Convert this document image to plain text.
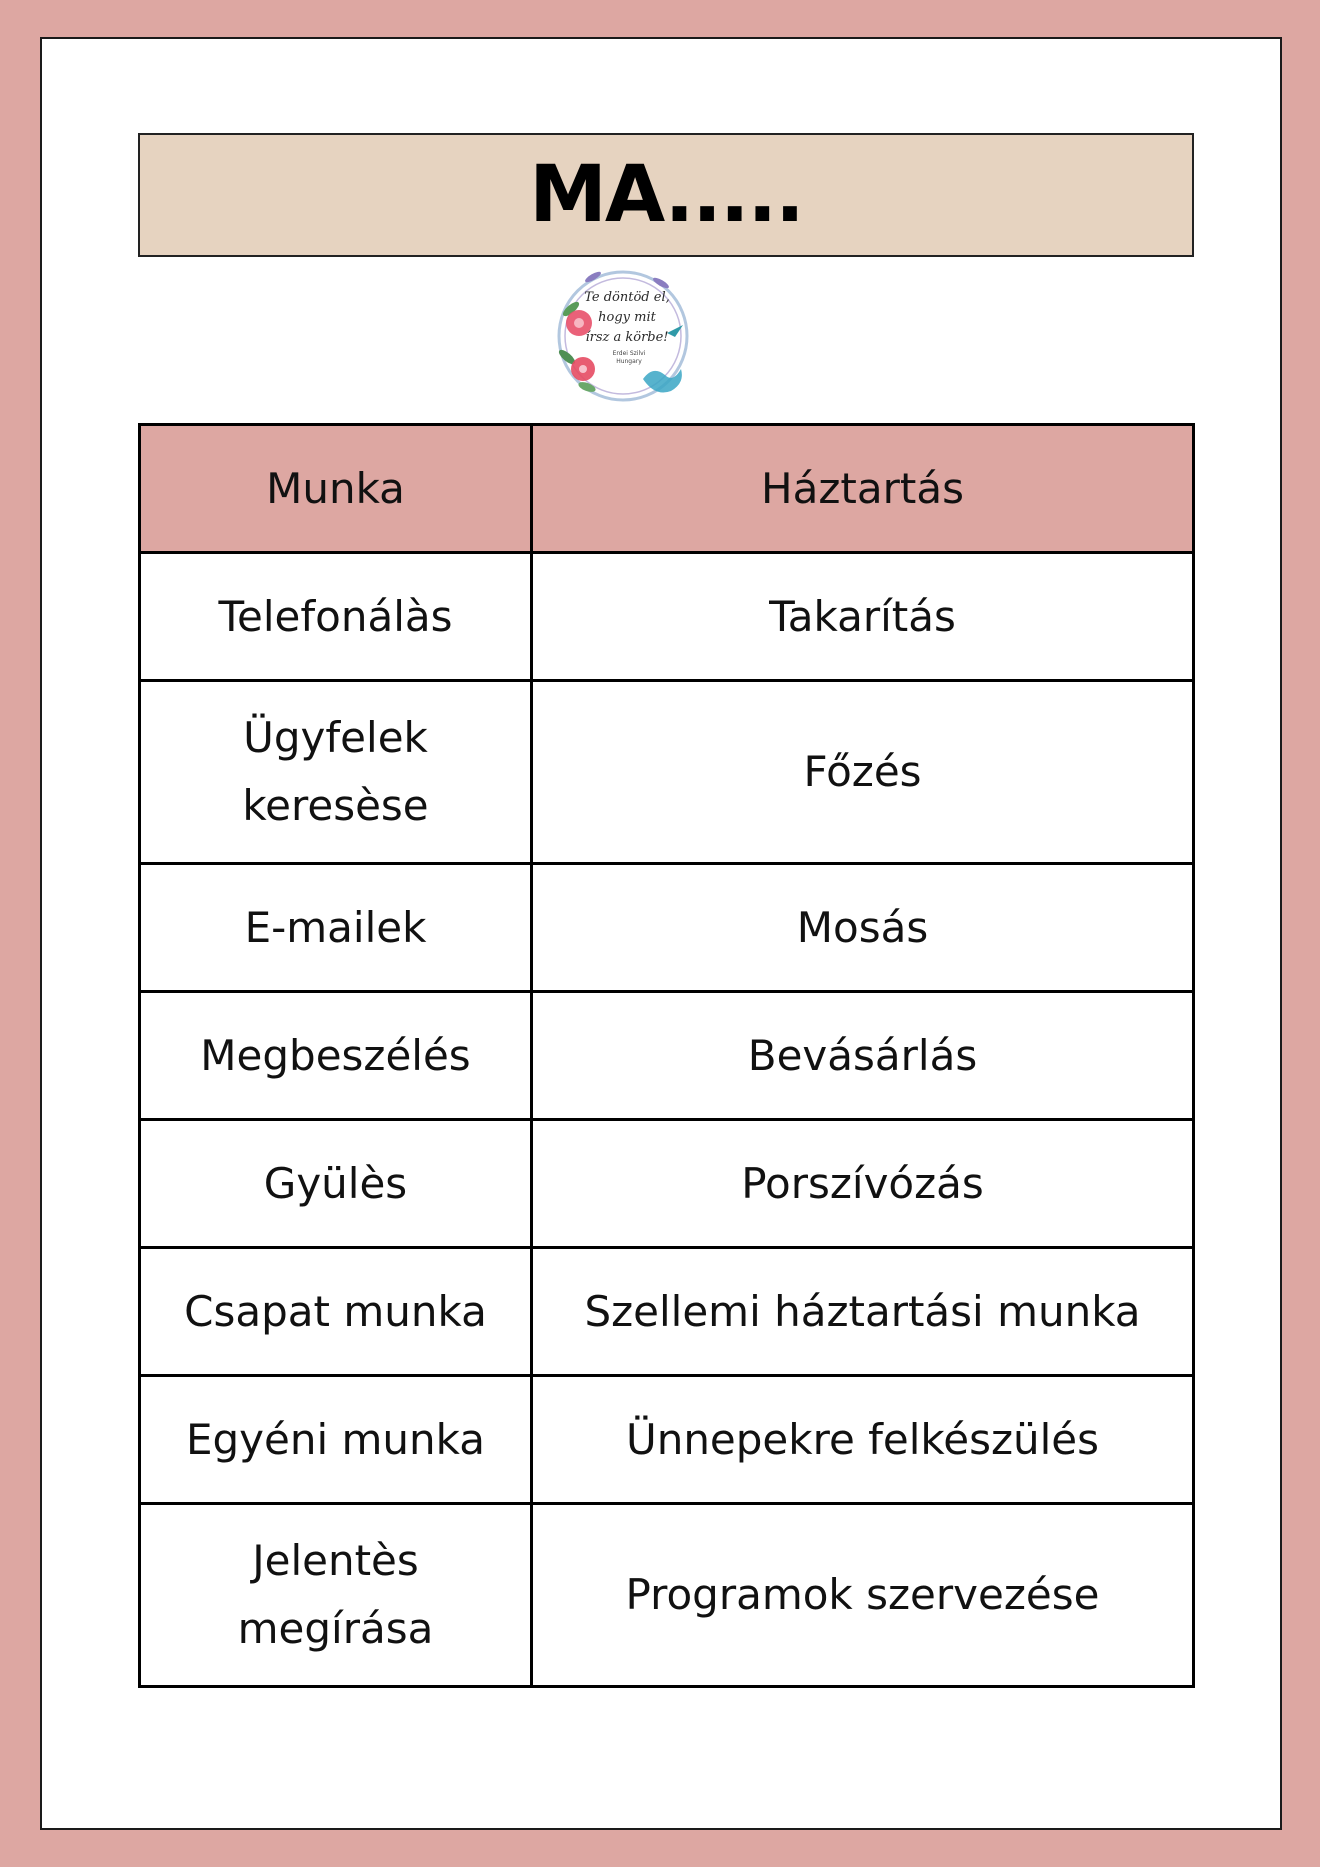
MA.....
Te döntöd el,
hogy mit
írsz a körbe!
Erdei Szilvi
Hungary
Munka	Háztartás
Telefonálàs	Takarítás
Ügyfelek keresèse	Főzés
E-mailek	Mosás
Megbeszélés	Bevásárlás
Gyülès	Porszívózás
Csapat munka	Szellemi háztartási munka
Egyéni munka	Ünnepekre felkészülés
Jelentès megírása	Programok szervezése
